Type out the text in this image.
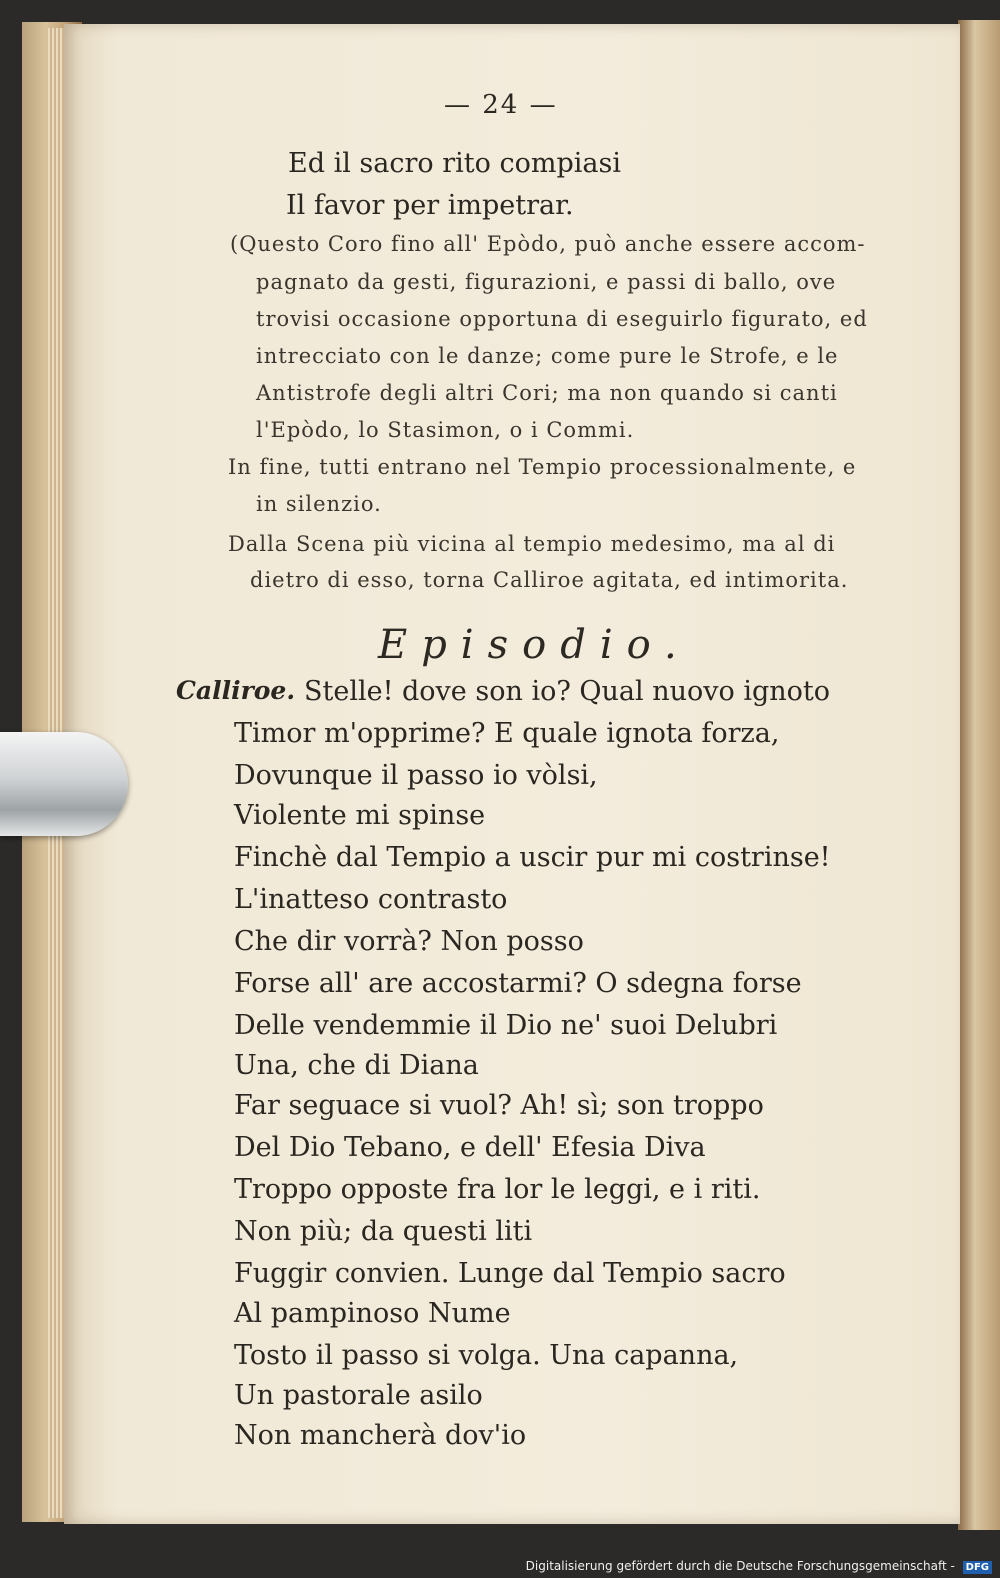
— 24 —
Ed il sacro rito compiasi
Il favor per impetrar.
(Questo Coro fino all' Epòdo, può anche essere accom-
pagnato da gesti, figurazioni, e passi di ballo, ove
trovisi occasione opportuna di eseguirlo figurato, ed
intrecciato con le danze; come pure le Strofe, e le
Antistrofe degli altri Cori; ma non quando si canti
l'Epòdo, lo Stasimon, o i Commi.
In fine, tutti entrano nel Tempio processionalmente, e
in silenzio.
Dalla Scena più vicina al tempio medesimo, ma al di
dietro di esso, torna Calliroe agitata, ed intimorita.
Episodio.
Calliroe. Stelle! dove son io? Qual nuovo ignoto
Timor m'opprime? E quale ignota forza,
Dovunque il passo io vòlsi,
Violente mi spinse
Finchè dal Tempio a uscir pur mi costrinse!
L'inatteso contrasto
Che dir vorrà? Non posso
Forse all' are accostarmi? O sdegna forse
Delle vendemmie il Dio ne' suoi Delubri
Una, che di Diana
Far seguace si vuol? Ah! sì; son troppo
Del Dio Tebano, e dell' Efesia Diva
Troppo opposte fra lor le leggi, e i riti.
Non più; da questi liti
Fuggir convien. Lunge dal Tempio sacro
Al pampinoso Nume
Tosto il passo si volga. Una capanna,
Un pastorale asilo
Non mancherà dov'io
Digitalisierung gefördert durch die Deutsche Forschungsgemeinschaft - DFG
